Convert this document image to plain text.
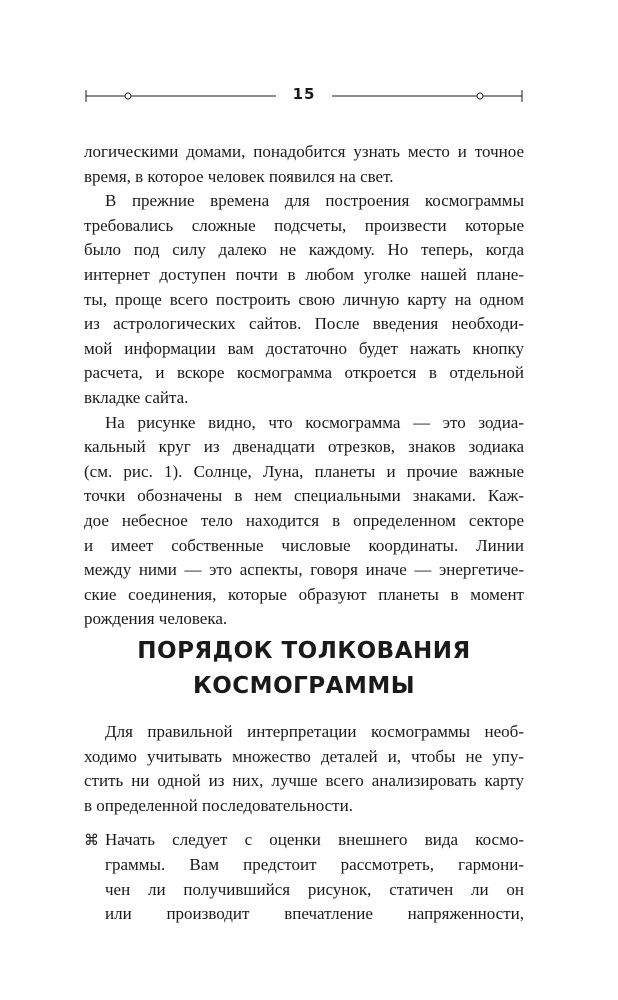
15
логическими домами, понадобится узнать место и точное
время, в которое человек появился на свет.
В прежние времена для построения космограммы
требовались сложные подсчеты, произвести которые
было под силу далеко не каждому. Но теперь, когда
интернет доступен почти в любом уголке нашей плане-
ты, проще всего построить свою личную карту на одном
из астрологических сайтов. После введения необходи-
мой информации вам достаточно будет нажать кнопку
расчета, и вскоре космограмма откроется в отдельной
вкладке сайта.
На рисунке видно, что космограмма — это зодиа-
кальный круг из двенадцати отрезков, знаков зодиака
(см. рис. 1). Солнце, Луна, планеты и прочие важные
точки обозначены в нем специальными знаками. Каж-
дое небесное тело находится в определенном секторе
и имеет собственные числовые координаты. Линии
между ними — это аспекты, говоря иначе — энергетиче-
ские соединения, которые образуют планеты в момент
рождения человека.
ПОРЯДОК ТОЛКОВАНИЯ
КОСМОГРАММЫ
Для правильной интерпретации космограммы необ-
ходимо учитывать множество деталей и, чтобы не упу-
стить ни одной из них, лучше всего анализировать карту
в определенной последовательности.
⌘ Начать следует с оценки внешнего вида космо-
граммы. Вам предстоит рассмотреть, гармони-
чен ли получившийся рисунок, статичен ли он
или производит впечатление напряженности,
